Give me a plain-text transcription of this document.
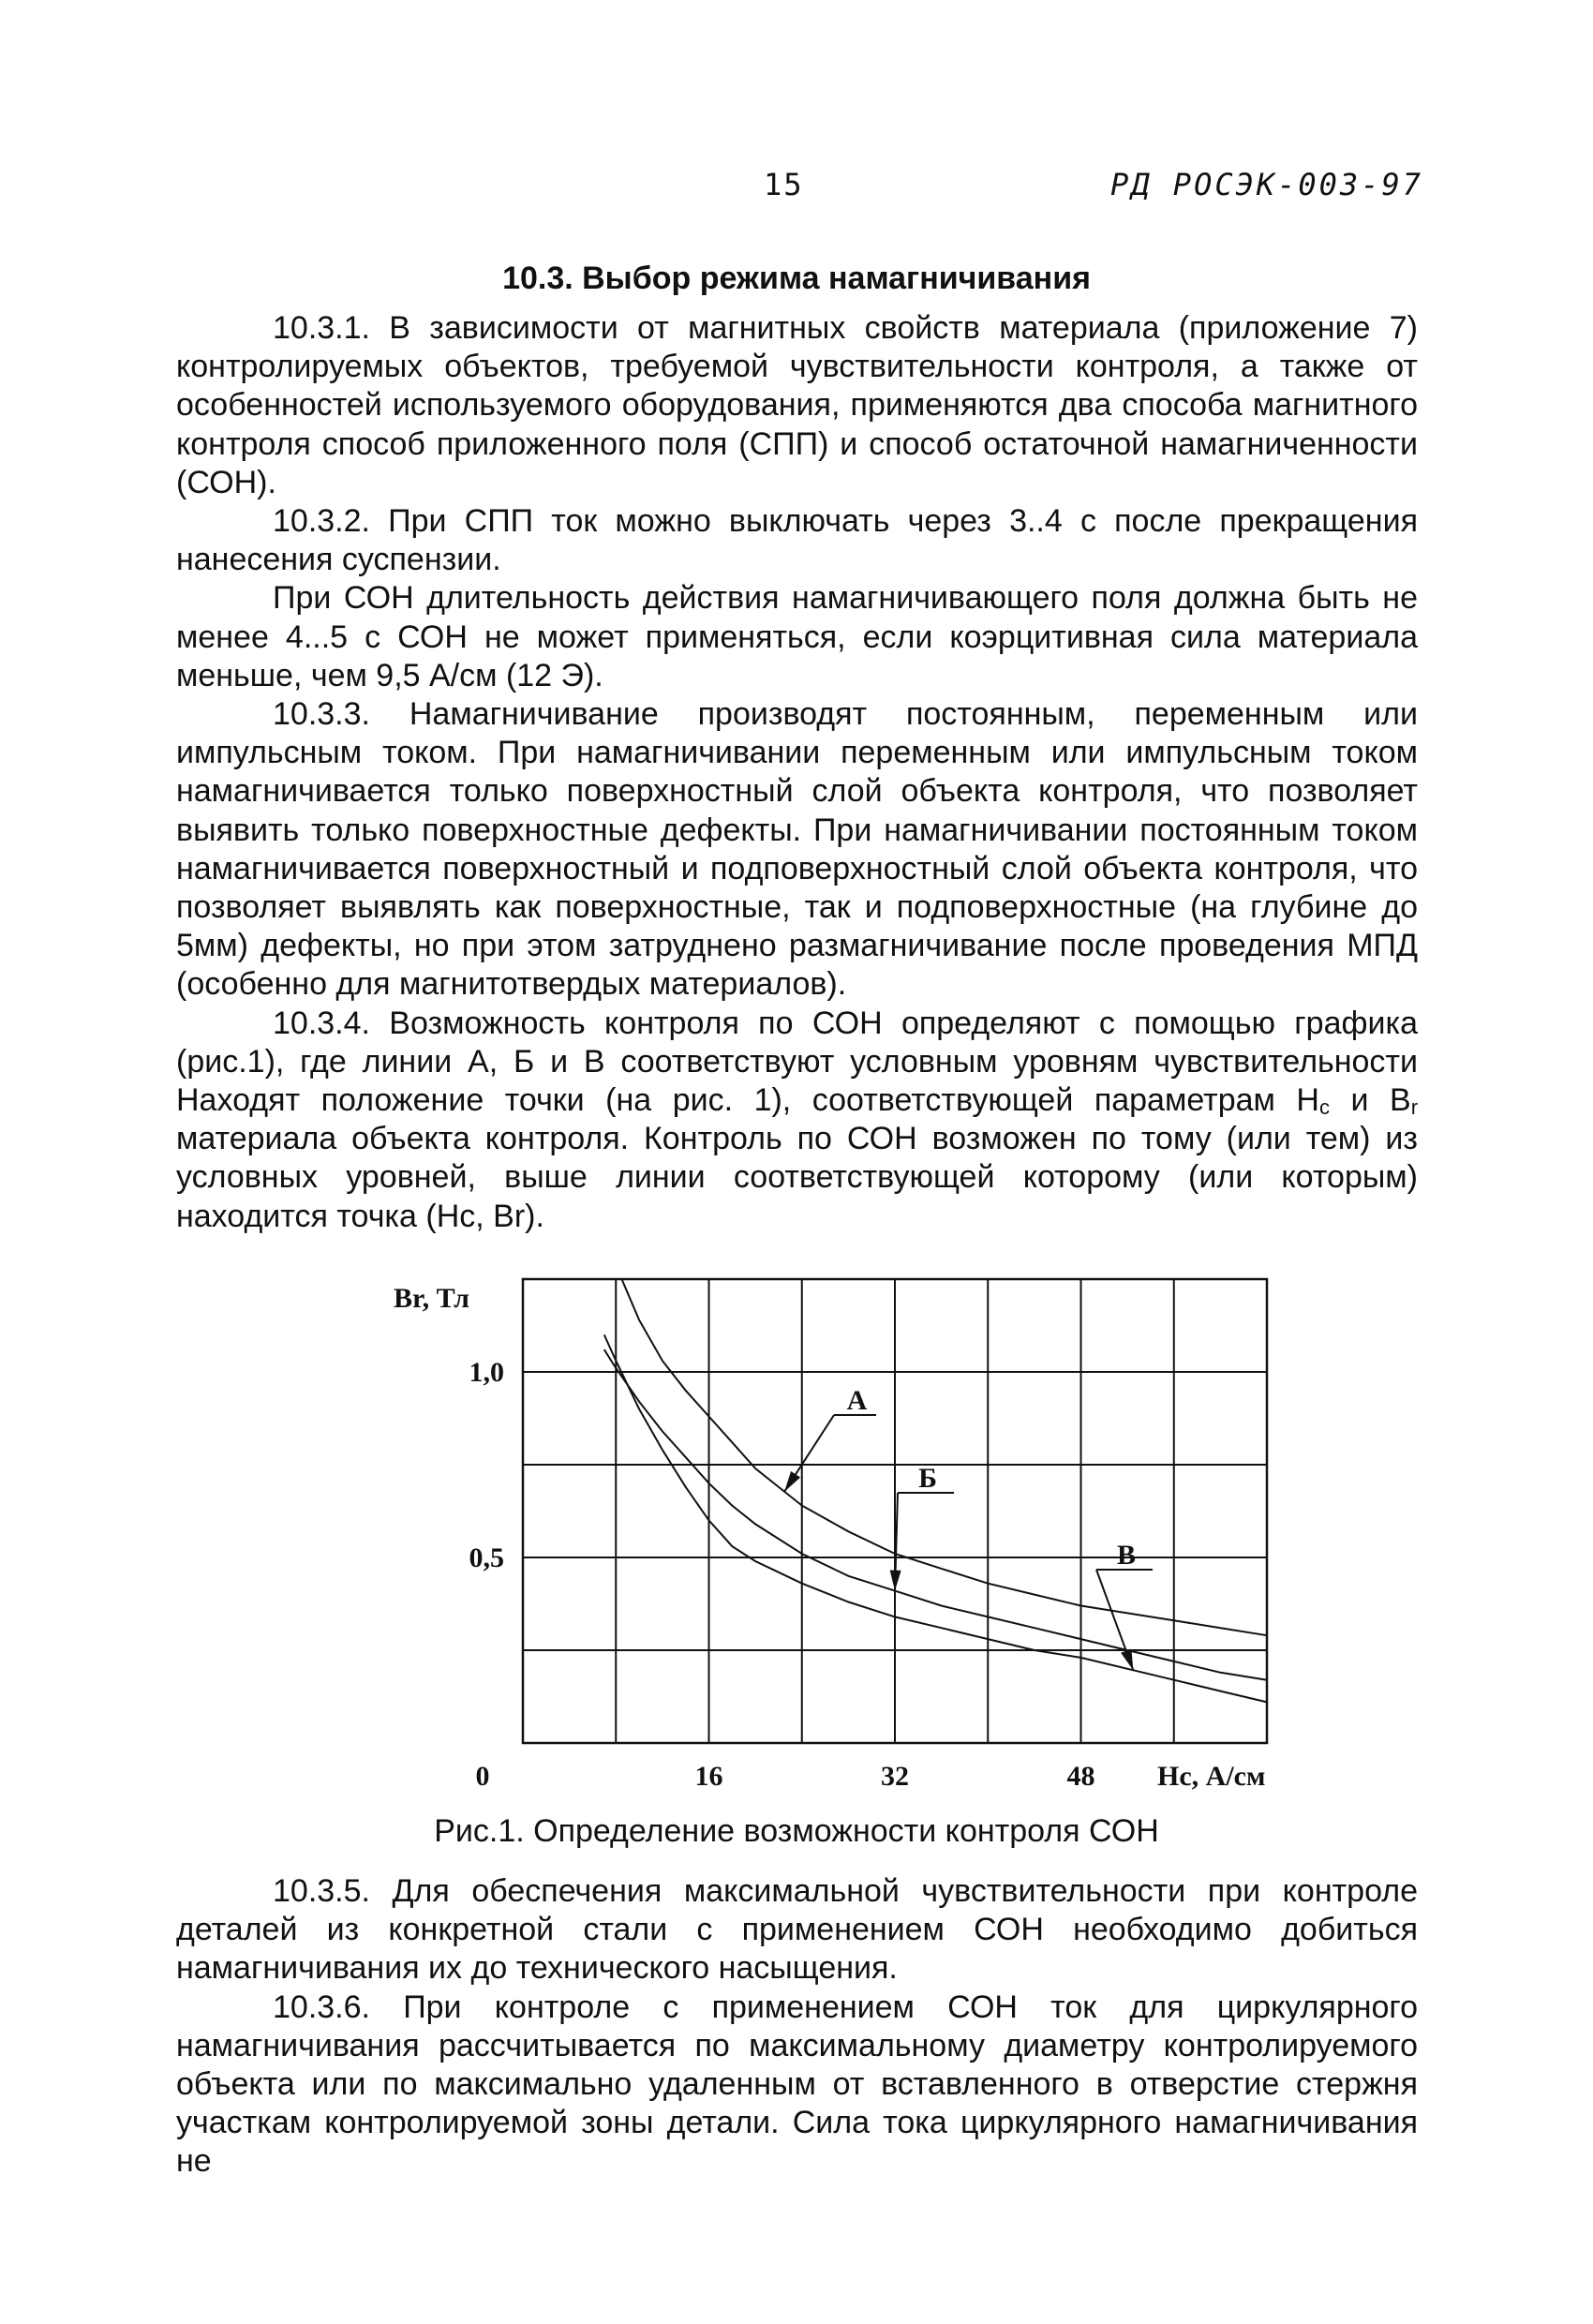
15	РД РОСЭК-003-97
10.3. Выбор режима намагничивания

10.3.1. В зависимости от магнитных свойств материала (приложение 7) контролируемых объектов, требуемой чувствительности контроля, а также от особенностей используемого оборудования, применяются два способа магнитного контроля способ приложенного поля (СПП) и способ остаточной намагниченности (СОН).

10.3.2. При СПП ток можно выключать через 3..4 с после прекращения нанесения суспензии.

При СОН длительность действия намагничивающего поля должна быть не менее 4...5 с СОН не может применяться, если коэрцитивная сила материала меньше, чем 9,5 А/см (12 Э).

10.3.3. Намагничивание производят постоянным, переменным или импульсным током. При намагничивании переменным или импульсным током намагничивается только поверхностный слой объекта контроля, что позволяет выявить только поверхностные дефекты. При намагничивании постоянным током намагничивается поверхностный и подповерхностный слой объекта контроля, что позволяет выявлять как поверхностные, так и подповерхностные (на глубине до 5мм) дефекты, но при этом затруднено размагничивание после проведения МПД (особенно для магнитотвердых материалов).

10.3.4. Возможность контроля по СОН определяют с помощью графика (рис.1), где линии А, Б и В соответствуют условным уровням чувствительности Находят положение точки (на рис. 1), соответствующей параметрам $H_c$ и $B_r$ материала объекта контроля. Контроль по СОН возможен по тому (или тем) из условных уровней, выше линии соответствующей которому (или которым) находится точка (Hc, Br).

Br, Тл
0,5
1,0
0	16	32	48 Hс, А/см
А
Б
В
Рис.1. Определение возможности контроля СОН

10.3.5. Для обеспечения максимальной чувствительности при контроле деталей из конкретной стали с применением СОН необходимо добиться намагничивания их до технического насыщения.

10.3.6. При контроле с применением СОН ток для циркулярного намагничивания рассчитывается по максимальному диаметру контролируемого объекта или по максимально удаленным от вставленного в отверстие стержня участкам контролируемой зоны детали. Сила тока циркулярного намагничивания не
